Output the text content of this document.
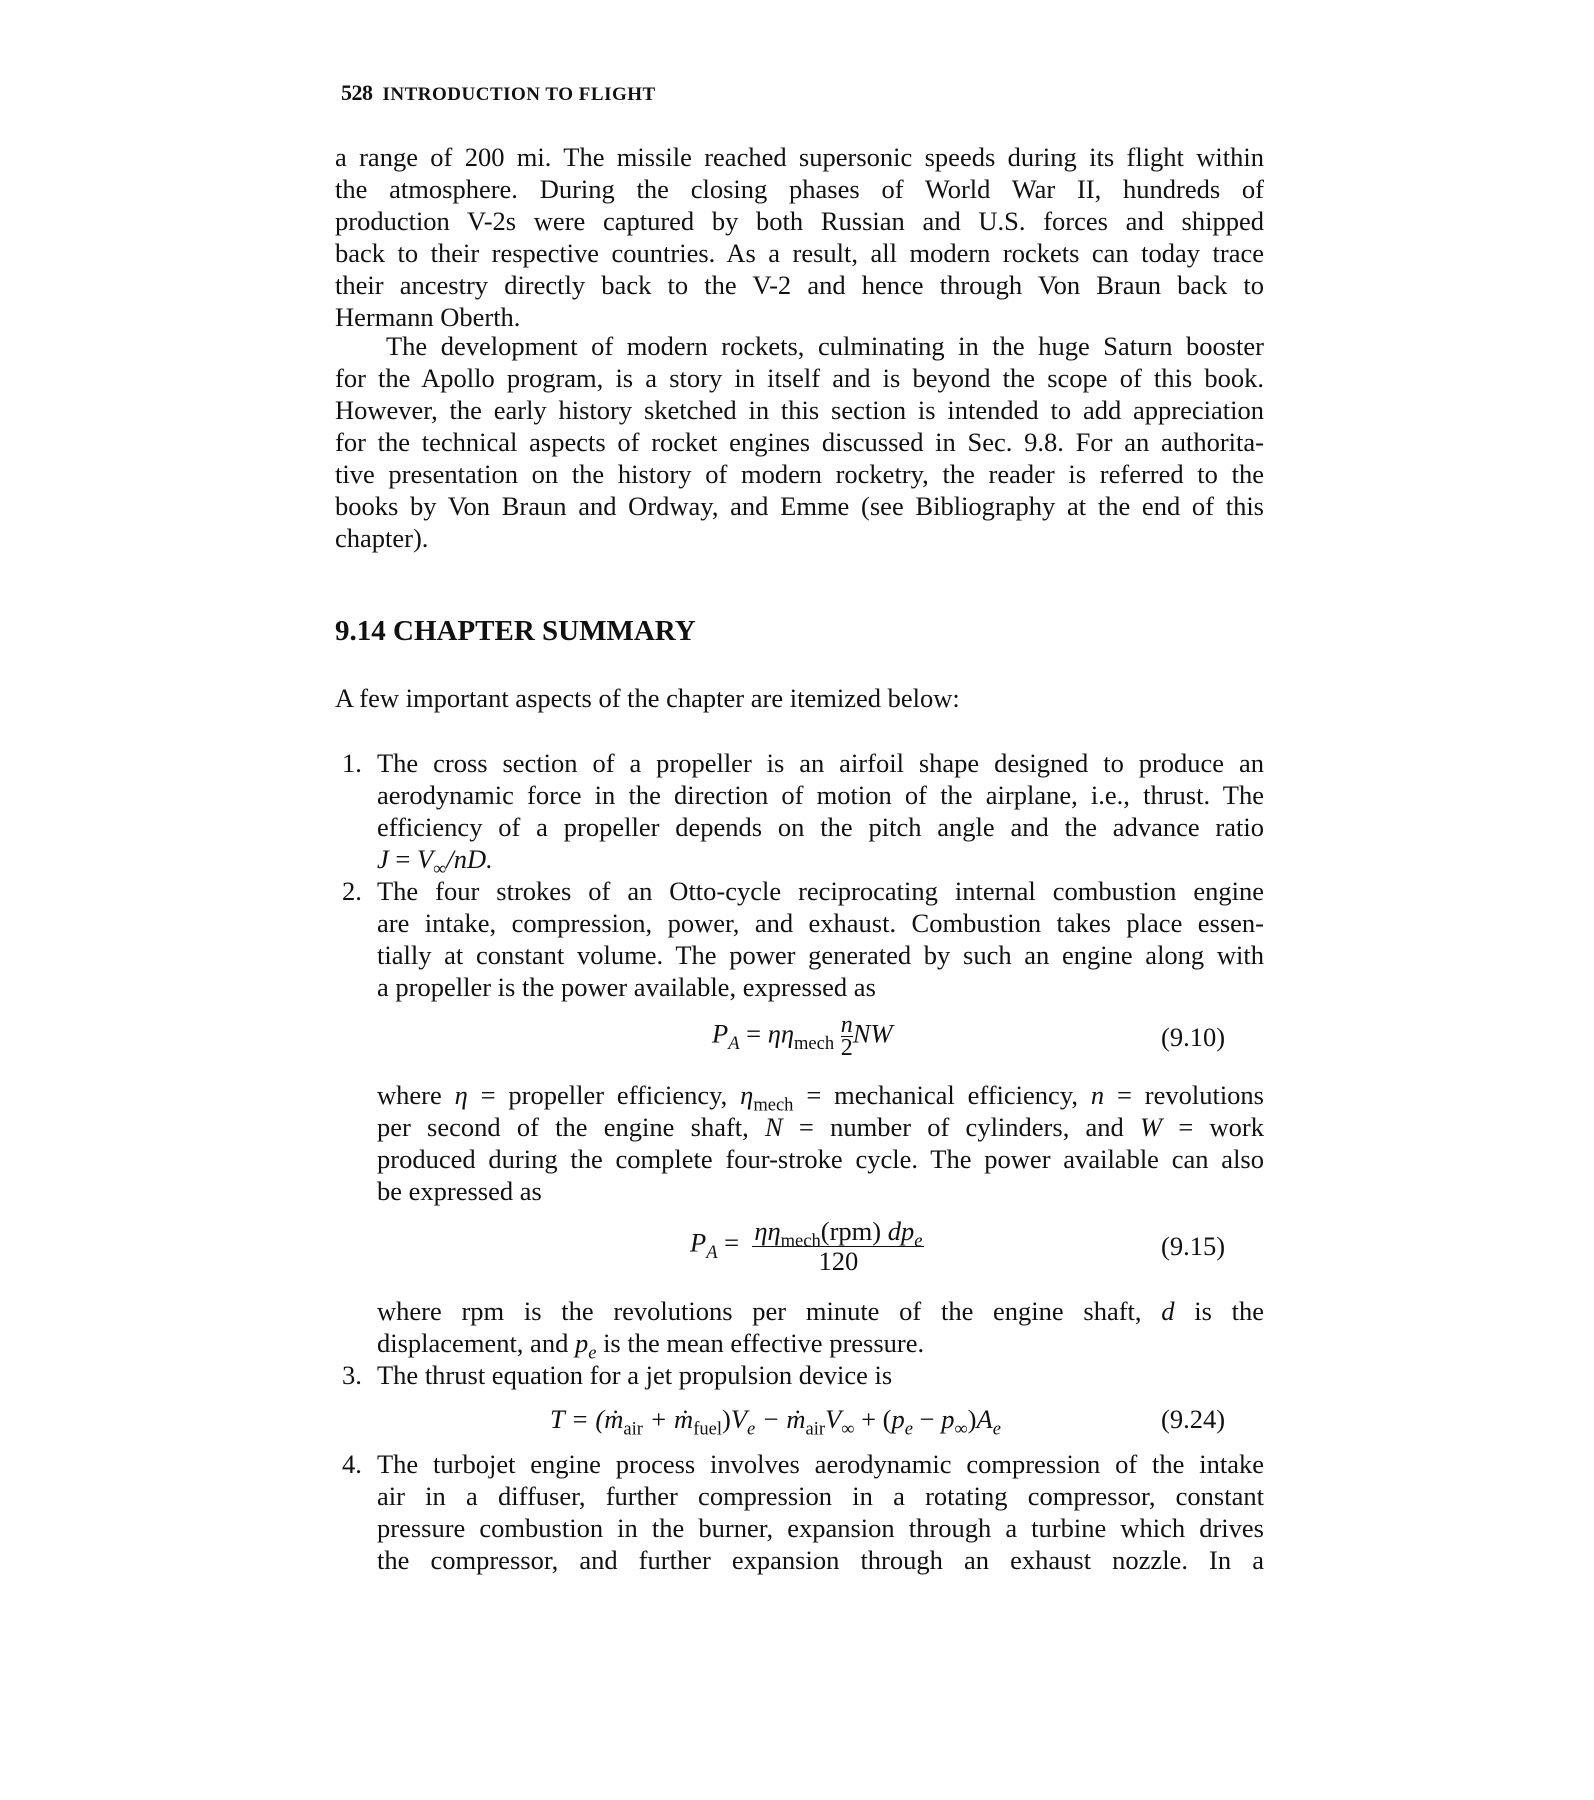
528 INTRODUCTION TO FLIGHT
a range of 200 mi. The missile reached supersonic speeds during its flight within
the atmosphere. During the closing phases of World War II, hundreds of
production V-2s were captured by both Russian and U.S. forces and shipped
back to their respective countries. As a result, all modern rockets can today trace
their ancestry directly back to the V-2 and hence through Von Braun back to
Hermann Oberth.
The development of modern rockets, culminating in the huge Saturn booster
for the Apollo program, is a story in itself and is beyond the scope of this book.
However, the early history sketched in this section is intended to add appreciation
for the technical aspects of rocket engines discussed in Sec. 9.8. For an authorita-
tive presentation on the history of modern rocketry, the reader is referred to the
books by Von Braun and Ordway, and Emme (see Bibliography at the end of this
chapter).
9.14 CHAPTER SUMMARY
A few important aspects of the chapter are itemized below:
1. The cross section of a propeller is an airfoil shape designed to produce an
aerodynamic force in the direction of motion of the airplane, i.e., thrust. The
efficiency of a propeller depends on the pitch angle and the advance ratio
$J = V_\infty/nD$.
2. The four strokes of an Otto-cycle reciprocating internal combustion engine
are intake, compression, power, and exhaust. Combustion takes place essen-
tially at constant volume. The power generated by such an engine along with
a propeller is the power available, expressed as
$P_A = \eta\eta_{mech} \frac{n}{2}$ NW	(9.10)
where η = propeller efficiency, $\eta_{mech}$ = mechanical efficiency, n = revolutions
per second of the engine shaft, N = number of cylinders, and W = work
produced during the complete four-stroke cycle. The power available can also
be expressed as
$P_A = \frac{\eta\eta_{mech}(rpm) dp_e}{120}$	(9.15)
where rpm is the revolutions per minute of the engine shaft, d is the
displacement, and $p_e$ is the mean effective pressure.
3. The thrust equation for a jet propulsion device is
T = (ṁ$_{air}$ + $ṁ_{fuel})V_e$ − $ṁ_{air}V_\infty + (p_e - p_\infty)A_e$	(9.24)
4. The turbojet engine process involves aerodynamic compression of the intake
air in a diffuser, further compression in a rotating compressor, constant
pressure combustion in the burner, expansion through a turbine which drives
the compressor, and further expansion through an exhaust nozzle. In a
